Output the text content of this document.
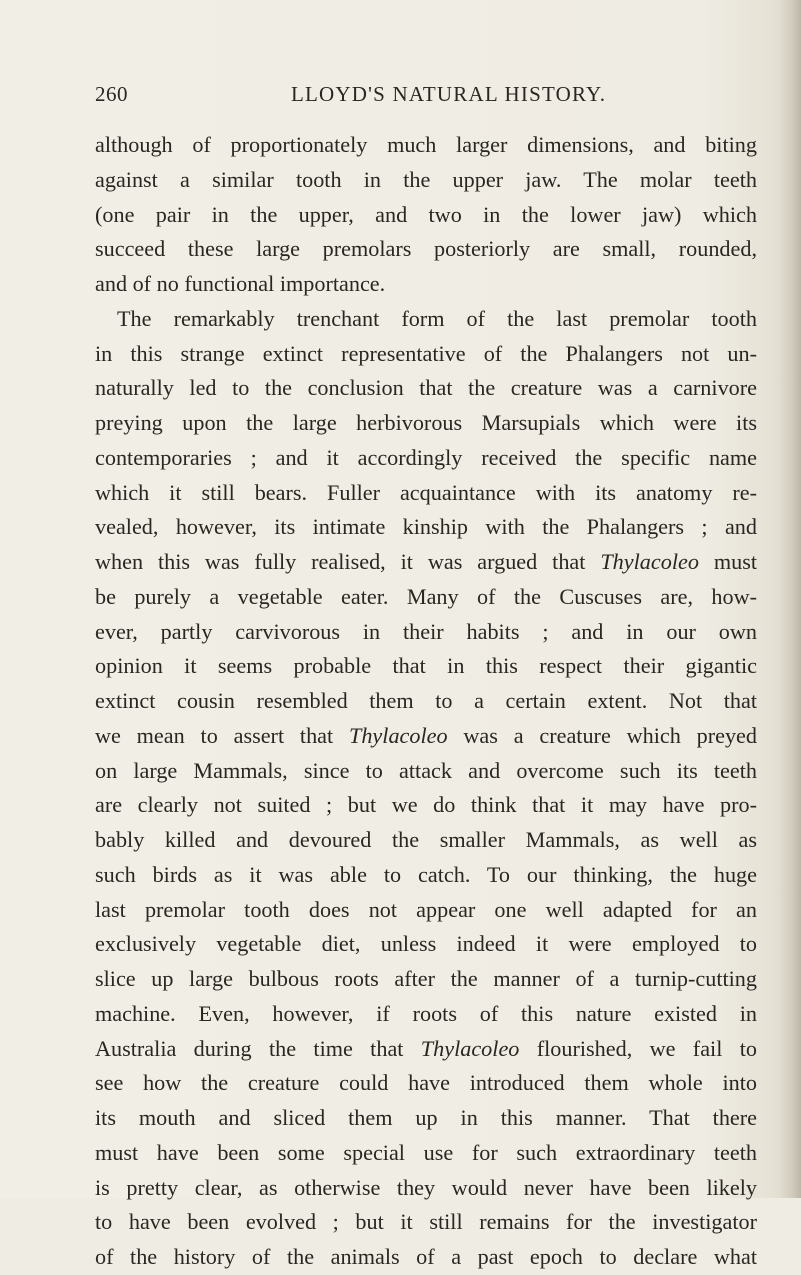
260	LLOYD'S NATURAL HISTORY.
although of proportionately much larger dimensions, and biting
against a similar tooth in the upper jaw. The molar teeth
(one pair in the upper, and two in the lower jaw) which
succeed these large premolars posteriorly are small, rounded,
and of no functional importance.
The remarkably trenchant form of the last premolar tooth
in this strange extinct representative of the Phalangers not un-
naturally led to the conclusion that the creature was a carnivore
preying upon the large herbivorous Marsupials which were its
contemporaries ; and it accordingly received the specific name
which it still bears. Fuller acquaintance with its anatomy re-
vealed, however, its intimate kinship with the Phalangers ; and
when this was fully realised, it was argued that Thylacoleo must
be purely a vegetable eater. Many of the Cuscuses are, how-
ever, partly carvivorous in their habits ; and in our own
opinion it seems probable that in this respect their gigantic
extinct cousin resembled them to a certain extent. Not that
we mean to assert that Thylacoleo was a creature which preyed
on large Mammals, since to attack and overcome such its teeth
are clearly not suited ; but we do think that it may have pro-
bably killed and devoured the smaller Mammals, as well as
such birds as it was able to catch. To our thinking, the huge
last premolar tooth does not appear one well adapted for an
exclusively vegetable diet, unless indeed it were employed to
slice up large bulbous roots after the manner of a turnip-cutting
machine. Even, however, if roots of this nature existed in
Australia during the time that Thylacoleo flourished, we fail to
see how the creature could have introduced them whole into
its mouth and sliced them up in this manner. That there
must have been some special use for such extraordinary teeth
is pretty clear, as otherwise they would never have been likely
to have been evolved ; but it still remains for the investigator
of the history of the animals of a past epoch to declare what
